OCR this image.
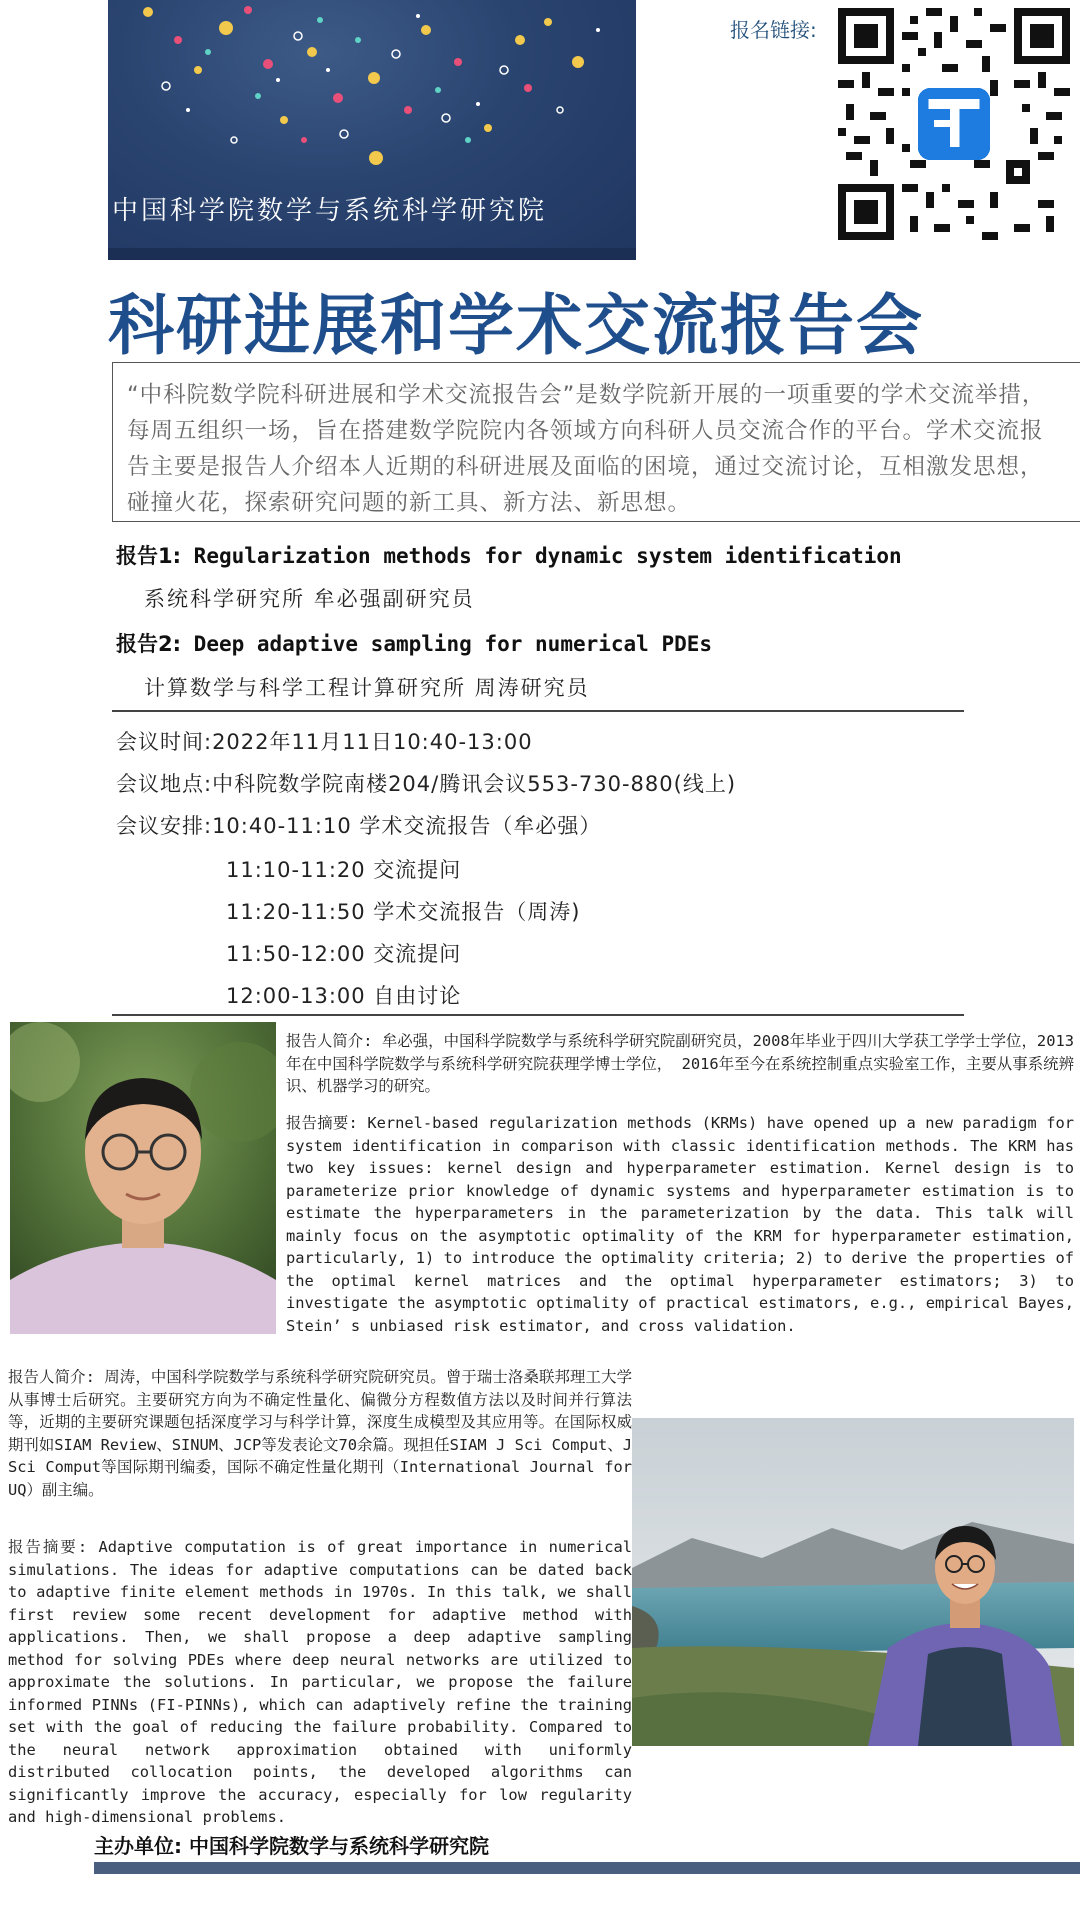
中国科学院数学与系统科学研究院
报名链接:
科研进展和学术交流报告会

“中科院数学院科研进展和学术交流报告会”是数学院新开展的一项重要的学术交流举措，每周五组织一场，旨在搭建数学院院内各领域方向科研人员交流合作的平台。学术交流报告主要是报告人介绍本人近期的科研进展及面临的困境，通过交流讨论，互相激发思想，碰撞火花，探索研究问题的新工具、新方法、新思想。

报告1: Regularization methods for dynamic system identification
系统科学研究所 牟必强副研究员
报告2: Deep adaptive sampling for numerical PDEs
计算数学与科学工程计算研究所 周涛研究员
会议时间:2022年11月11日10:40-13:00
会议地点:中科院数学院南楼204/腾讯会议553-730-880(线上)
会议安排:10:40-11:10 学术交流报告（牟必强）
11:10-11:20 交流提问
11:20-11:50 学术交流报告（周涛)
11:50-12:00 交流提问
12:00-13:00 自由讨论
报告人简介: 牟必强，中国科学院数学与系统科学研究院副研究员，2008年毕业于四川大学获工学学士学位，2013年在中国科学院数学与系统科学研究院获理学博士学位， 2016年至今在系统控制重点实验室工作，主要从事系统辨识、机器学习的研究。
报告摘要: Kernel-based regularization methods (KRMs) have opened up a new paradigm for system identification in comparison with classic identification methods. The KRM has two key issues: kernel design and hyperparameter estimation. Kernel design is to parameterize prior knowledge of dynamic systems and hyperparameter estimation is to estimate the hyperparameters in the parameterization by the data. This talk will mainly focus on the asymptotic optimality of the KRM for hyperparameter estimation, particularly, 1) to introduce the optimality criteria; 2) to derive the properties of the optimal kernel matrices and the optimal hyperparameter estimators; 3) to investigate the asymptotic optimality of practical estimators, e.g., empirical Bayes, Stein’ s unbiased risk estimator, and cross validation.
报告人简介: 周涛，中国科学院数学与系统科学研究院研究员。曾于瑞士洛桑联邦理工大学从事博士后研究。主要研究方向为不确定性量化、偏微分方程数值方法以及时间并行算法等，近期的主要研究课题包括深度学习与科学计算，深度生成模型及其应用等。在国际权威期刊如SIAM Review、SINUM、JCP等发表论文70余篇。现担任SIAM J Sci Comput、J Sci Comput等国际期刊编委，国际不确定性量化期刊（International Journal for UQ）副主编。
报告摘要: Adaptive computation is of great importance in numerical simulations. The ideas for adaptive computations can be dated back to adaptive finite element methods in 1970s. In this talk, we shall first review some recent development for adaptive method with applications. Then, we shall propose a deep adaptive sampling method for solving PDEs where deep neural networks are utilized to approximate the solutions. In particular, we propose the failure informed PINNs (FI-PINNs), which can adaptively refine the training set with the goal of reducing the failure probability. Compared to the neural network approximation obtained with uniformly distributed collocation points, the developed algorithms can significantly improve the accuracy, especially for low regularity and high-dimensional problems.
主办单位: 中国科学院数学与系统科学研究院
